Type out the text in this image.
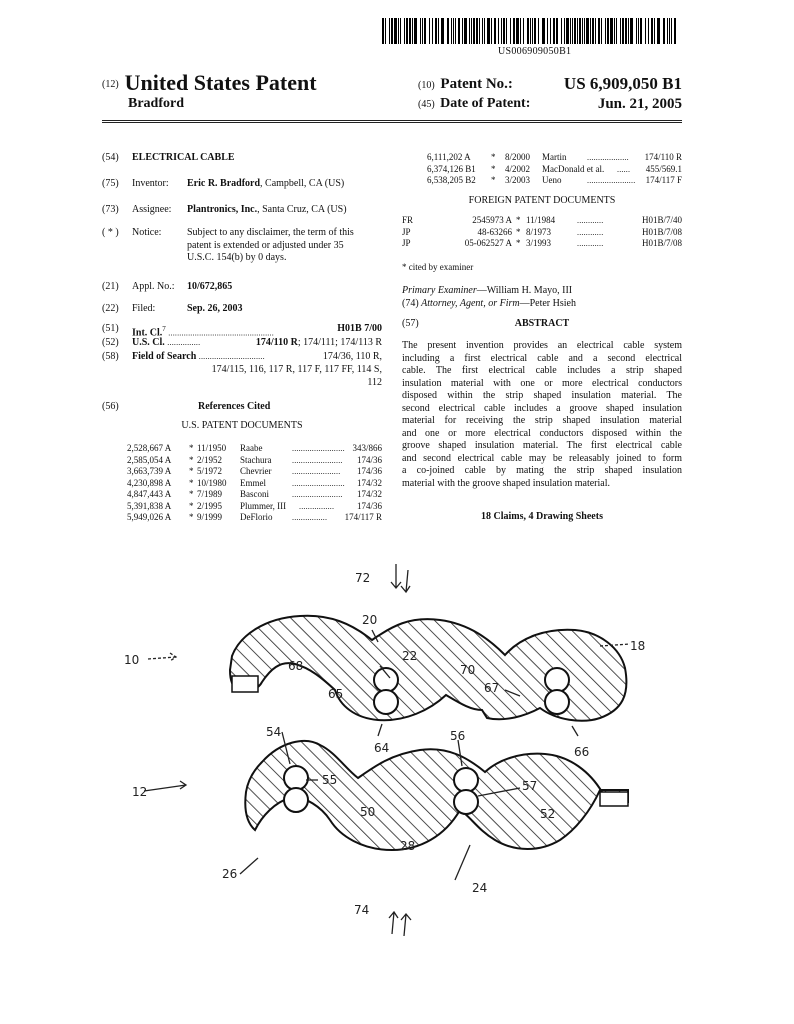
US006909050B1
(12) United States Patent
Bradford
(10) Patent No.:	US 6,909,050 B1
(45) Date of Patent:	Jun. 21, 2005
(54) ELECTRICAL CABLE
(75) Inventor: Eric R. Bradford, Campbell, CA (US)
(73) Assignee: Plantronics, Inc., Santa Cruz, CA (US)
( * ) Notice:	Subject to any disclaimer, the term of this
patent is extended or adjusted under 35
U.S.C. 154(b) by 0 days.
(21) Appl. No.: 10/672,865
(22) Filed:	Sep. 26, 2003
(51) Int. Cl.$^7$ ................................................	H01B 7/00
(52) U.S. Cl. ...............	174/110 R; 174/111; 174/113 R
(58) Field of Search ..............................	174/36, 110 R,
174/115, 116, 117 R, 117 F, 117 FF, 114 S,
112
(56)	References Cited
U.S. PATENT DOCUMENTS
2,528,667 A * 11/1950 Raabe	........................ 343/866
2,585,054 A * 2/1952 Stachura	....................... 174/36
3,663,739 A * 5/1972 Chevrier	...................... 174/36
4,230,898 A * 10/1980 Emmel	........................ 174/32
4,847,443 A * 7/1989 Basconi	....................... 174/32
5,391,838 A * 2/1995 Plummer, III ................	174/36
5,949,026 A * 9/1999 DeFlorio ................ 174/117 R
6,111,202 A * 8/2000 Martin	................... 174/110 R
6,374,126 B1 * 4/2002 MacDonald et al. ...... 455/569.1
6,538,205 B2 * 3/2003 Ueno	...................... 174/117 F
FOREIGN PATENT DOCUMENTS
FR	2545973 A * 11/1984	............	H01B/7/40
JP	48-63266 * 8/1973	............	H01B/7/08
JP	05-062527 A * 3/1993	............	H01B/7/08
* cited by examiner
Primary Examiner—William H. Mayo, III
(74) Attorney, Agent, or Firm—Peter Hsieh
(57)	ABSTRACT
The present invention provides an electrical cable system
including a first electrical cable and a second electrical
cable. The first electrical cable includes a strip shaped
insulation material with one or more electrical conductors
disposed within the strip shaped insulation material. The
second electrical cable includes a groove shaped insulation
material for receiving the strip shaped insulation material
and one or more electrical conductors disposed within the
groove shaped insulation material. The first electrical cable
and second electrical cable may be releasably joined to form
a co-joined cable by mating the strip shaped insulation
material with the groove shaped insulation material.
18 Claims, 4 Drawing Sheets
72
20
18
10	68
22
70
65	67
64	66
54	56
12
55	57
50	52
28
26
24
74
